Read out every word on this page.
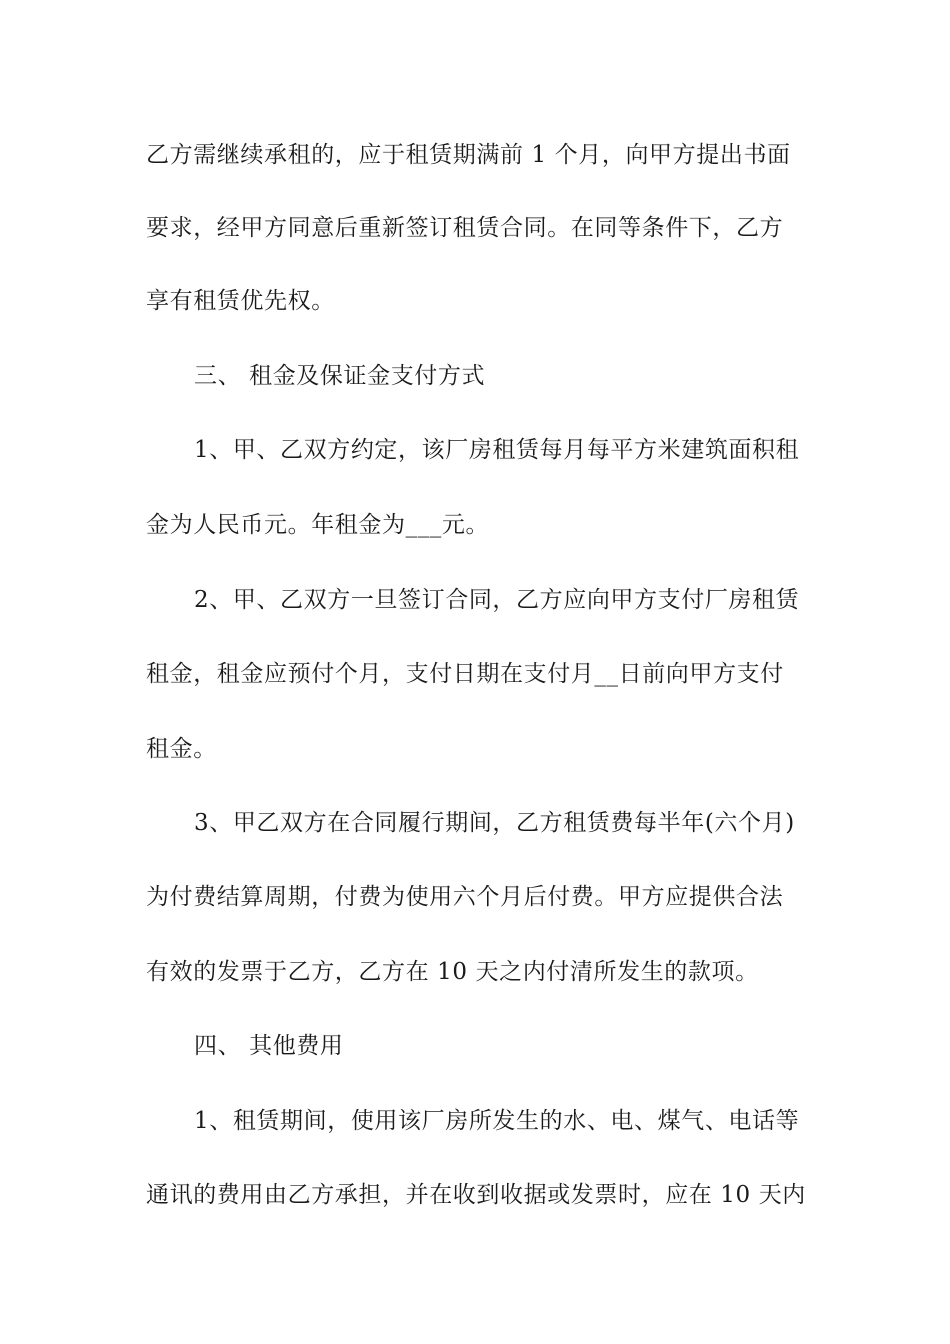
乙方需继续承租的，应于租赁期满前 1 个月，向甲方提出书面
要求，经甲方同意后重新签订租赁合同。在同等条件下，乙方
享有租赁优先权。
三、 租金及保证金支付方式
1、甲、乙双方约定，该厂房租赁每月每平方米建筑面积租
金为人民币元。年租金为___元。
2、甲、乙双方一旦签订合同，乙方应向甲方支付厂房租赁
租金，租金应预付个月，支付日期在支付月__日前向甲方支付
租金。
3、甲乙双方在合同履行期间，乙方租赁费每半年(六个月)
为付费结算周期，付费为使用六个月后付费。甲方应提供合法
有效的发票于乙方，乙方在 10 天之内付清所发生的款项。
四、 其他费用
1、租赁期间，使用该厂房所发生的水、电、煤气、电话等
通讯的费用由乙方承担，并在收到收据或发票时，应在 10 天内
